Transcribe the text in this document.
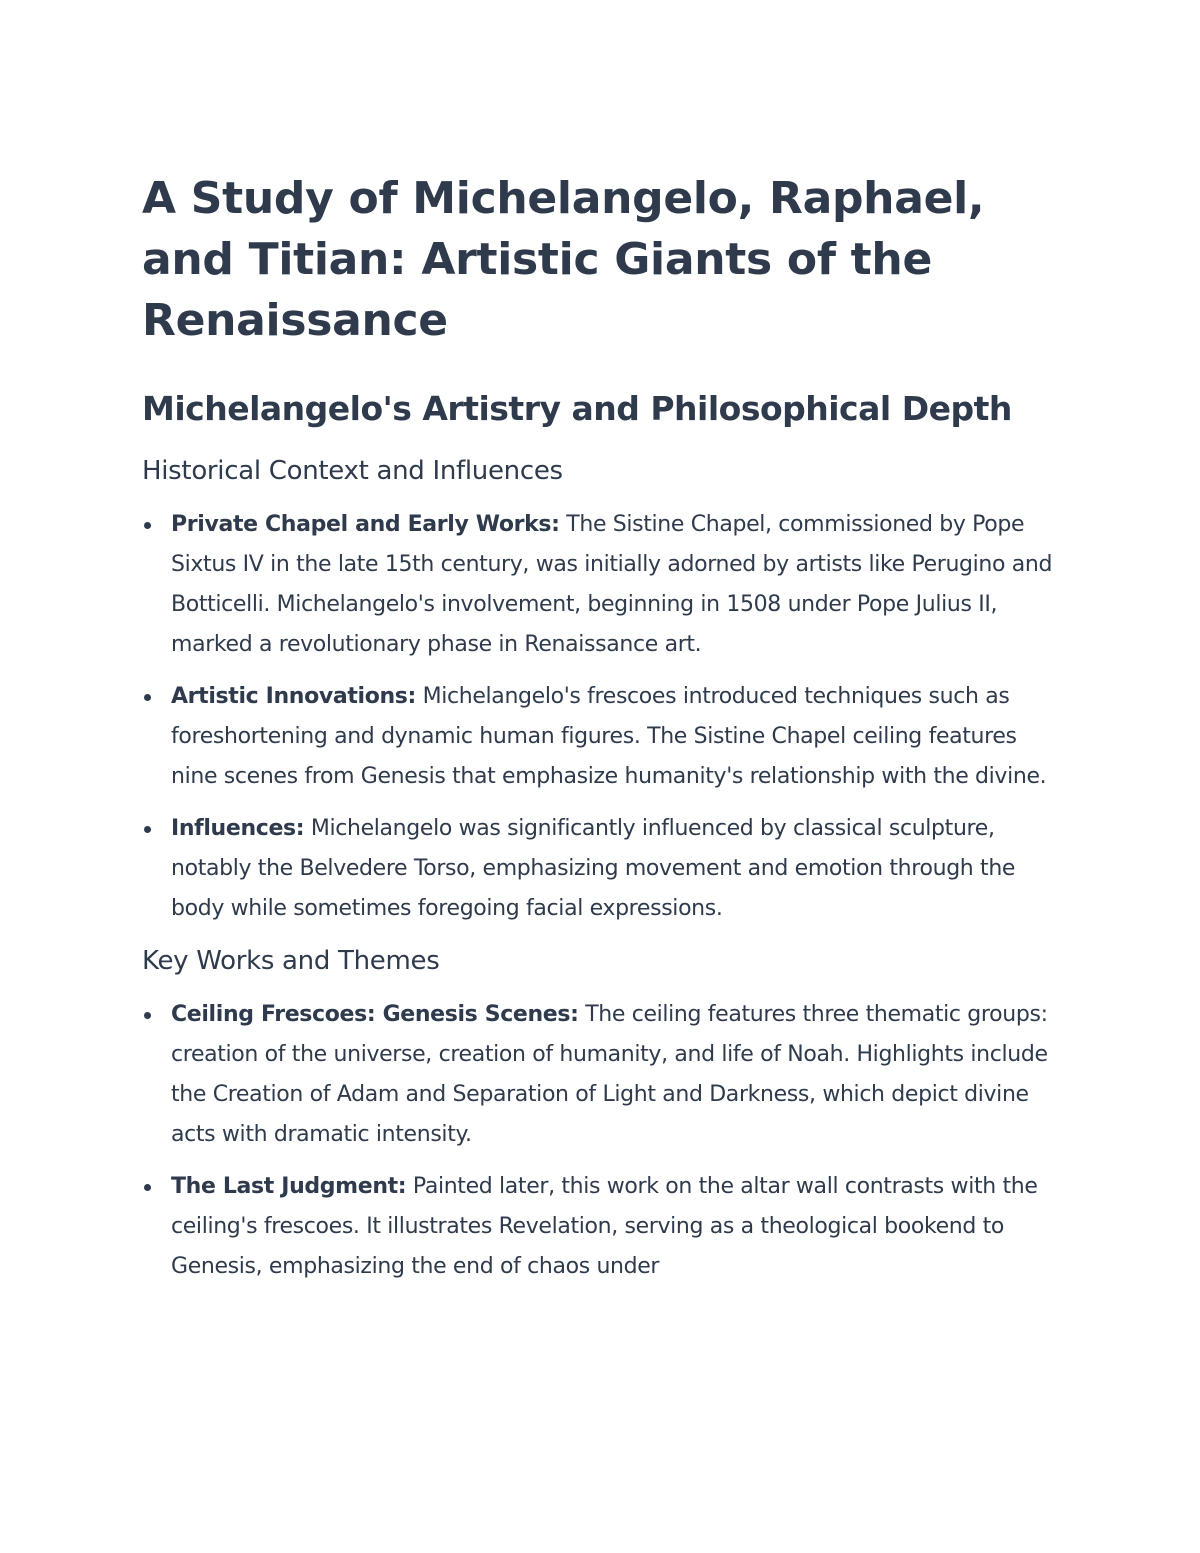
A Study of Michelangelo, Raphael, and Titian: Artistic Giants of the Renaissance
Michelangelo's Artistry and Philosophical Depth
Historical Context and Influences
Private Chapel and Early Works: The Sistine Chapel, commissioned by Pope Sixtus IV in the late 15th century, was initially adorned by artists like Perugino and Botticelli. Michelangelo's involvement, beginning in 1508 under Pope Julius II, marked a revolutionary phase in Renaissance art.
Artistic Innovations: Michelangelo's frescoes introduced techniques such as foreshortening and dynamic human figures. The Sistine Chapel ceiling features nine scenes from Genesis that emphasize humanity's relationship with the divine.
Influences: Michelangelo was significantly influenced by classical sculpture, notably the Belvedere Torso, emphasizing movement and emotion through the body while sometimes foregoing facial expressions.
Key Works and Themes
Ceiling Frescoes: Genesis Scenes: The ceiling features three thematic groups: creation of the universe, creation of humanity, and life of Noah. Highlights include the Creation of Adam and Separation of Light and Darkness, which depict divine acts with dramatic intensity.
The Last Judgment: Painted later, this work on the altar wall contrasts with the ceiling's frescoes. It illustrates Revelation, serving as a theological bookend to Genesis, emphasizing the end of chaos under
